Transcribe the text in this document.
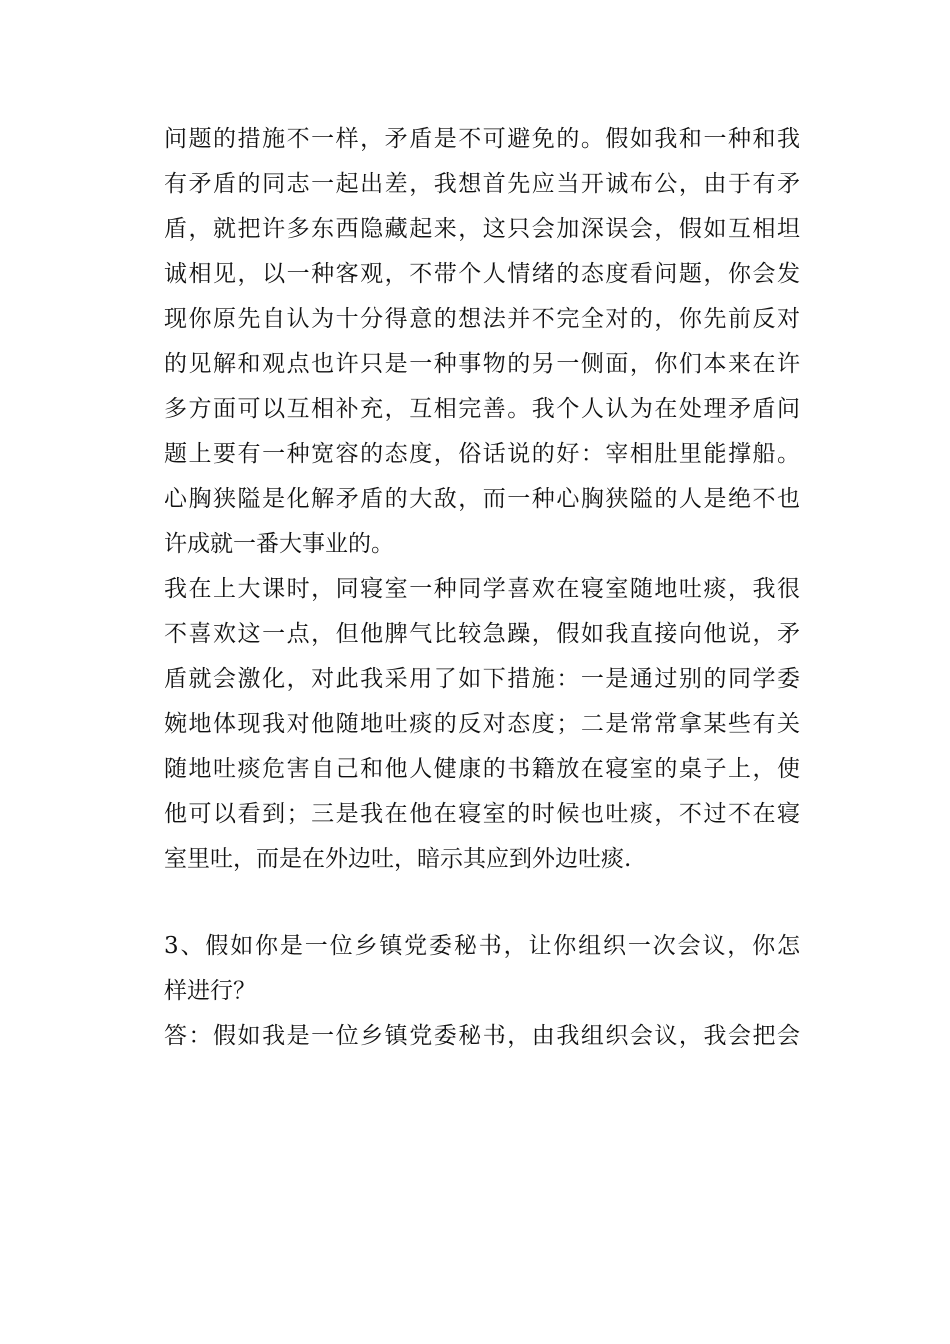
问题的措施不一样，矛盾是不可避免的。假如我和一种和我
有矛盾的同志一起出差，我想首先应当开诚布公，由于有矛
盾，就把许多东西隐藏起来，这只会加深误会，假如互相坦
诚相见，以一种客观，不带个人情绪的态度看问题，你会发
现你原先自认为十分得意的想法并不完全对的，你先前反对
的见解和观点也许只是一种事物的另一侧面，你们本来在许
多方面可以互相补充，互相完善。我个人认为在处理矛盾问
题上要有一种宽容的态度，俗话说的好：宰相肚里能撑船。
心胸狭隘是化解矛盾的大敌，而一种心胸狭隘的人是绝不也
许成就一番大事业的。
我在上大课时，同寝室一种同学喜欢在寝室随地吐痰，我很
不喜欢这一点，但他脾气比较急躁，假如我直接向他说，矛
盾就会激化，对此我采用了如下措施：一是通过别的同学委
婉地体现我对他随地吐痰的反对态度；二是常常拿某些有关
随地吐痰危害自己和他人健康的书籍放在寝室的桌子上，使
他可以看到；三是我在他在寝室的时候也吐痰，不过不在寝
室里吐，而是在外边吐，暗示其应到外边吐痰.
3、假如你是一位乡镇党委秘书，让你组织一次会议，你怎
样进行？
答：假如我是一位乡镇党委秘书，由我组织会议，我会把会
